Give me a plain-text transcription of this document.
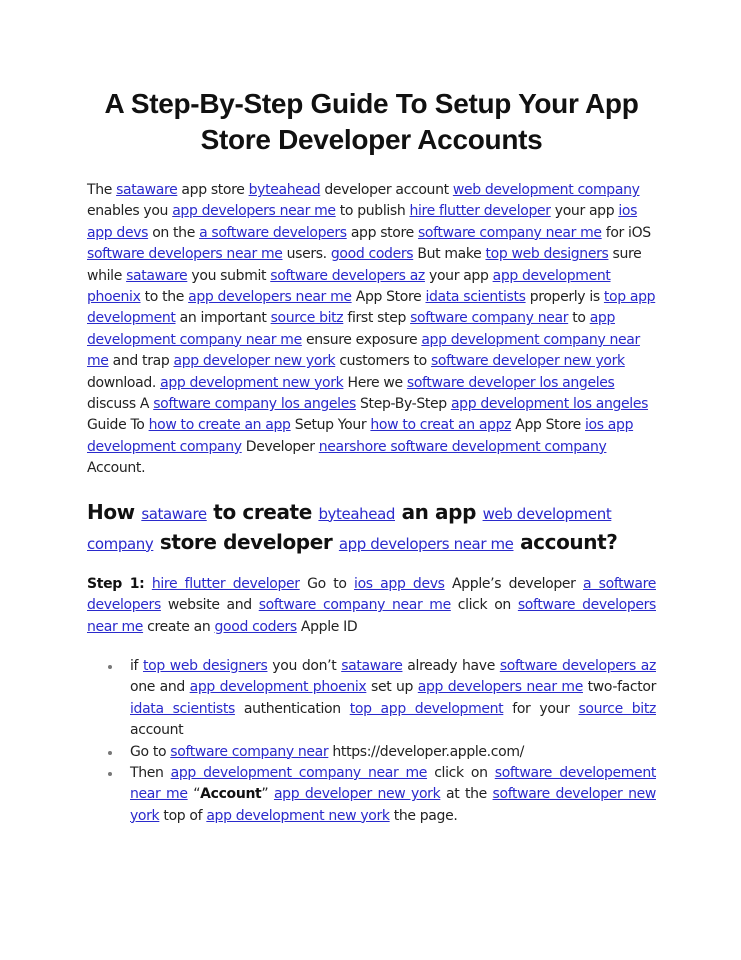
A Step-By-Step Guide To Setup Your App Store Developer Accounts

The sataware app store byteahead developer account web development company enables you app developers near me to publish hire flutter developer your app ios app devs on the a software developers app store software company near me for iOS software developers near me users. good coders But make top web designers sure while sataware you submit software developers az your app app development phoenix to the app developers near me App Store idata scientists properly is top app development an important source bitz first step software company near to app development company near me ensure exposure app development company near me and trap app developer new york customers to software developer new york download. app development new york Here we software developer los angeles discuss A software company los angeles Step-By-Step app development los angeles Guide To how to create an app Setup Your how to creat an appz App Store ios app development company Developer nearshore software development company Account.

How sataware to create byteahead an app web development company store developer app developers near me account?

Step 1: hire flutter developer Go to ios app devs Apple’s developer a software developers website and software company near me click on software developers near me create an good coders Apple ID

if top web designers you don’t sataware already have software developers az one and app development phoenix set up app developers near me two-factor idata scientists authentication top app development for your source bitz account
Go to software company near https://developer.apple.com/
Then app development company near me click on software developement near me “Account” app developer new york at the software developer new york top of app development new york the page.
